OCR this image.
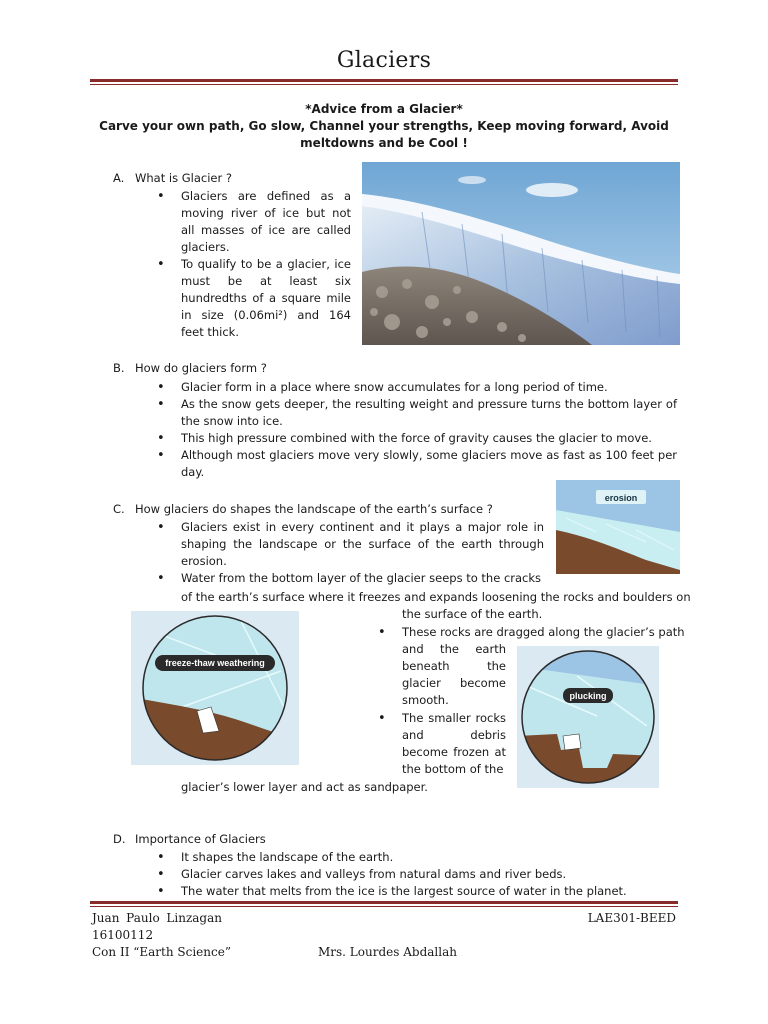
Glaciers
*Advice from a Glacier*
Carve your own path, Go slow, Channel your strengths, Keep moving forward, Avoid meltdowns and be Cool !
A. What is Glacier ?
• Glaciers are defined as a moving river of ice but not all masses of ice are called glaciers.
• To qualify to be a glacier, ice must be at least six hundredths of a square mile in size (0.06mi²) and 164 feet thick.
B. How do glaciers form ?
• Glacier form in a place where snow accumulates for a long period of time.
• As the snow gets deeper, the resulting weight and pressure turns the bottom layer of the snow into ice.
• This high pressure combined with the force of gravity causes the glacier to move.
• Although most glaciers move very slowly, some glaciers move as fast as 100 feet per day.
C. How glaciers do shapes the landscape of the earth’s surface ?
• Glaciers exist in every continent and it plays a major role in shaping the landscape or the surface of the earth through erosion.
• Water from the bottom layer of the glacier seeps to the cracks
of the earth’s surface where it freezes and expands loosening the rocks and boulders on
the surface of the earth.
• These rocks are dragged along the glacier’s path
and the earth beneath the glacier become smooth.
• The smaller rocks and debris become frozen at the bottom of the
glacier’s lower layer and act as sandpaper.
erosion
freeze-thaw weathering
plucking
D. Importance of Glaciers
• It shapes the landscape of the earth.
• Glacier carves lakes and valleys from natural dams and river beds.
• The water that melts from the ice is the largest source of water in the planet.
Juan Paulo Linzagan
16100112
Con II “Earth Science”	Mrs. Lourdes Abdallah
LAE301-BEED
